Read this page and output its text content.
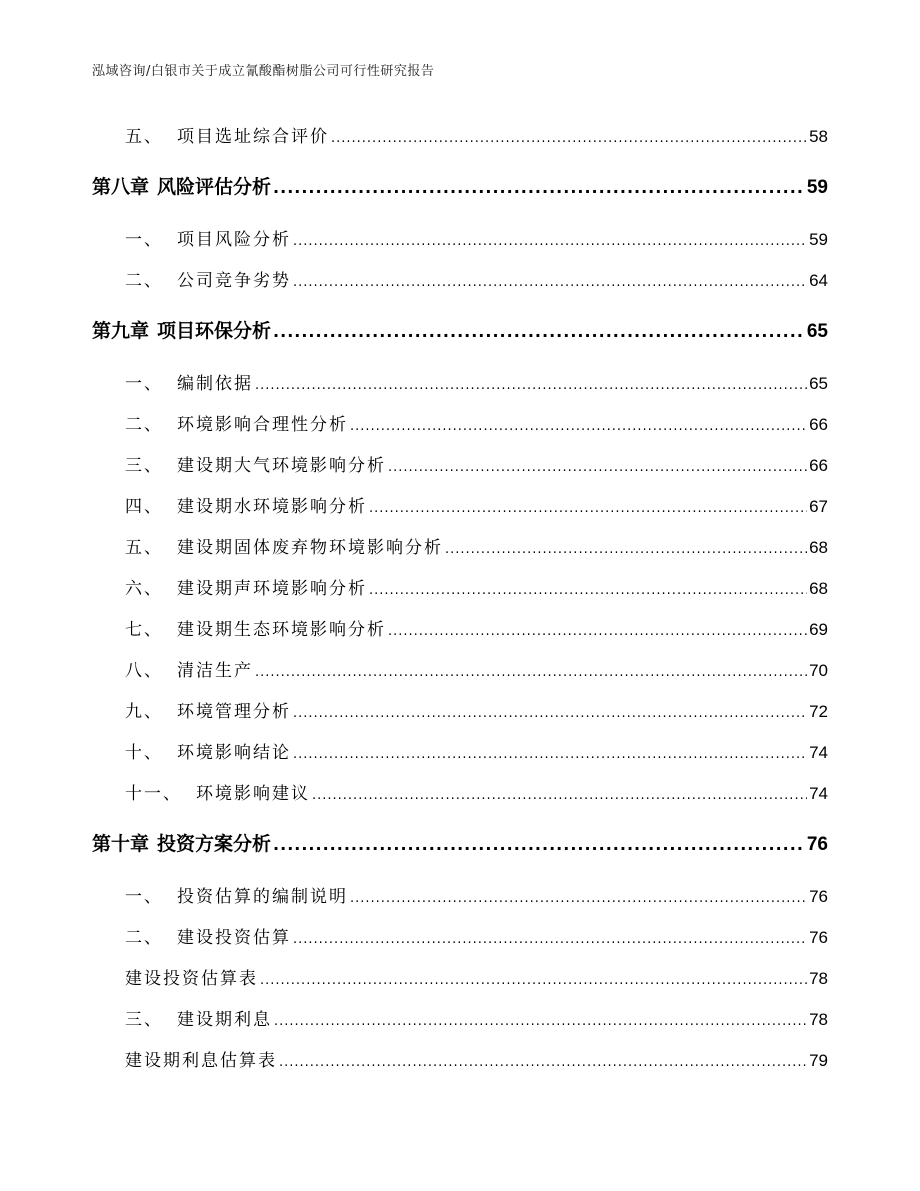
泓域咨询/白银市关于成立氰酸酯树脂公司可行性研究报告
五、 项目选址综合评价 .....	58
第八章 风险评估分析 .....	59
一、 项目风险分析 .....	59
二、 公司竞争劣势 .....	64
第九章 项目环保分析 .....	65
一、 编制依据 .....	65
二、 环境影响合理性分析 .....	66
三、 建设期大气环境影响分析 .....	66
四、 建设期水环境影响分析 .....	67
五、 建设期固体废弃物环境影响分析 .....	68
六、 建设期声环境影响分析 .....	68
七、 建设期生态环境影响分析 .....	69
八、 清洁生产 .....	70
九、 环境管理分析 .....	72
十、 环境影响结论 .....	74
十一、 环境影响建议 .....	74
第十章 投资方案分析 .....	76
一、 投资估算的编制说明 .....	76
二、 建设投资估算 .....	76
建设投资估算表 .....	78
三、 建设期利息 .....	78
建设期利息估算表 .....	79
